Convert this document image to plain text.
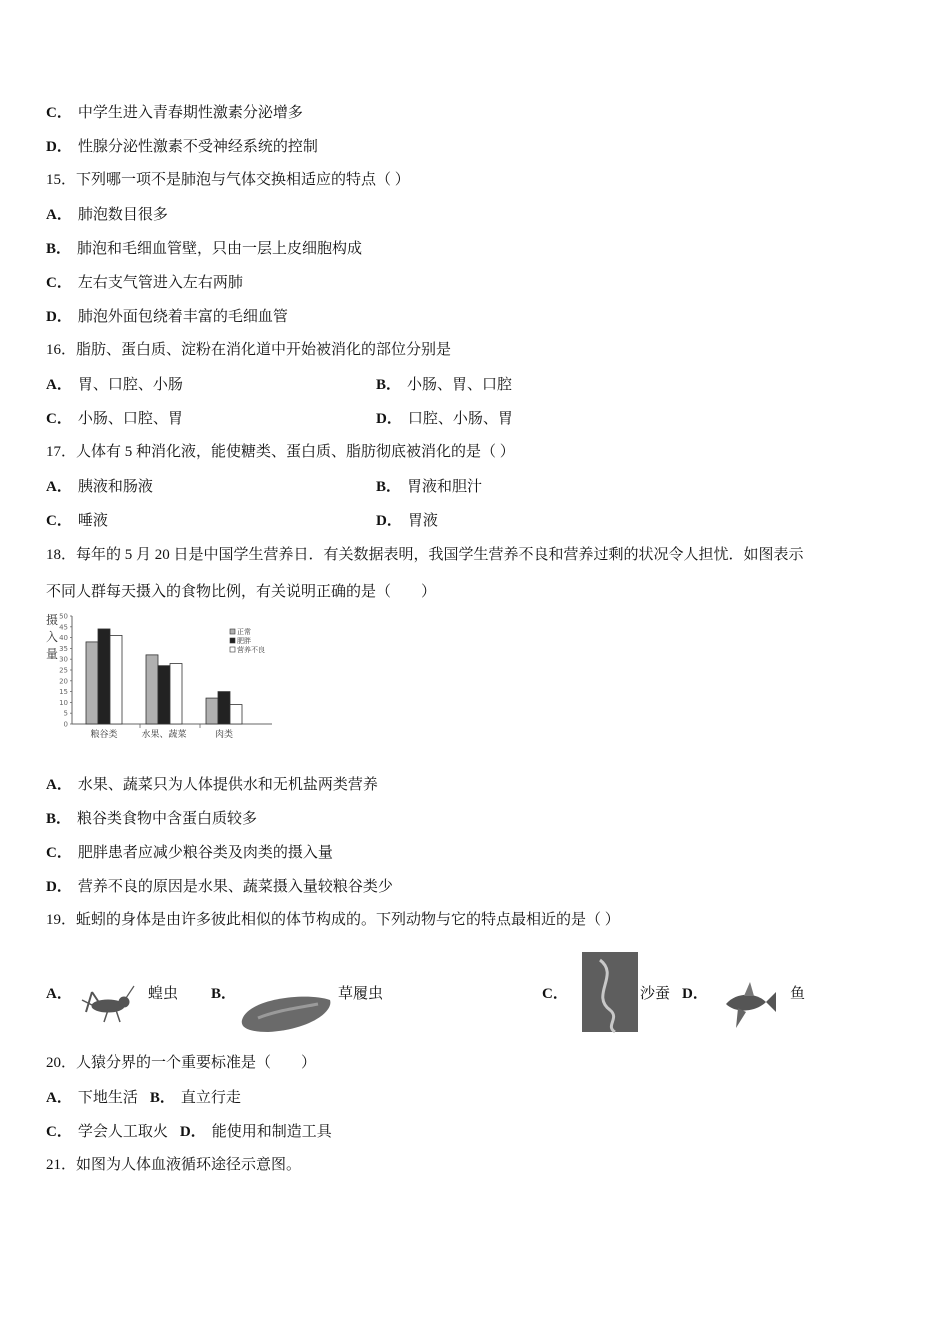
C． 中学生进入青春期性激素分泌增多
D． 性腺分泌性激素不受神经系统的控制
15．下列哪一项不是肺泡与气体交换相适应的特点（ ）
A． 肺泡数目很多
B． 肺泡和毛细血管壁，只由一层上皮细胞构成
C． 左右支气管进入左右两肺
D． 肺泡外面包绕着丰富的毛细血管
16．脂肪、蛋白质、淀粉在消化道中开始被消化的部位分别是
A． 胃、口腔、小肠	B． 小肠、胃、口腔
C． 小肠、口腔、胃	D． 口腔、小肠、胃
17．人体有 5 种消化液，能使糖类、蛋白质、脂肪彻底被消化的是（ ）
A． 胰液和肠液	B． 胃液和胆汁
C． 唾液	D． 胃液
18．每年的 5 月 20 日是中国学生营养日．有关数据表明，我国学生营养不良和营养过剩的状况令人担忧．如图表示
不同人群每天摄入的食物比例，有关说明正确的是（　　）
摄
入
量
0
5
10
15
20
25
30
35
40
45
50
粮谷类	水果、蔬菜	肉类
正常
肥胖
营养不良
A． 水果、蔬菜只为人体提供水和无机盐两类营养
B． 粮谷类食物中含蛋白质较多
C． 肥胖患者应减少粮谷类及肉类的摄入量
D． 营养不良的原因是水果、蔬菜摄入量较粮谷类少
19．蚯蚓的身体是由许多彼此相似的体节构成的。下列动物与它的特点最相近的是（ ）
A．	蝗虫 B．	草履虫	C．	沙蚕 D．	鱼
20．人猿分界的一个重要标准是（　　）
A． 下地生活 B． 直立行走
C． 学会人工取火 D． 能使用和制造工具
21．如图为人体血液循环途径示意图。
